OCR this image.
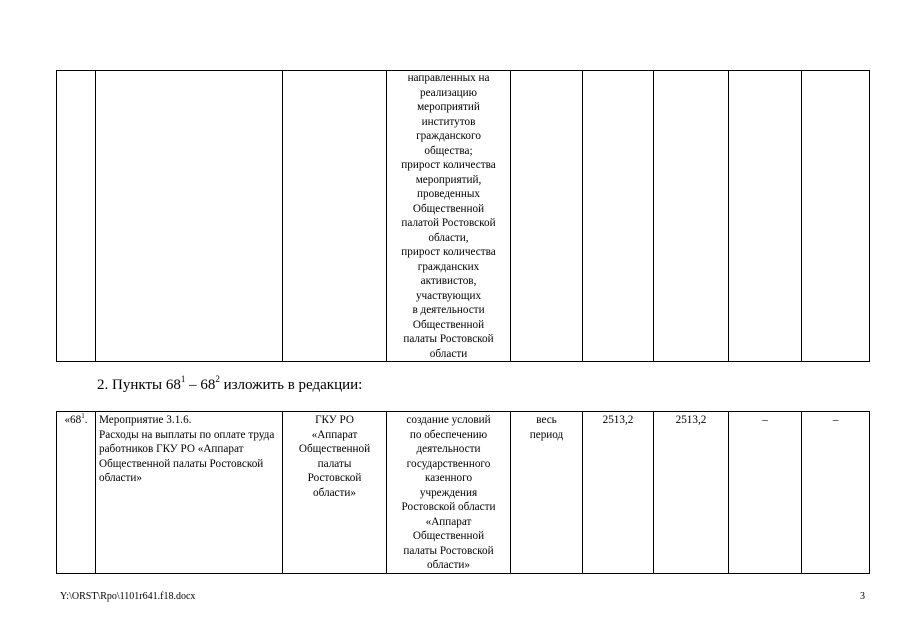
			направленных на
реализацию
мероприятий
институтов
гражданского
общества;
прирост количества
мероприятий,
проведенных
Общественной
палатой Ростовской
области,
прирост количества
гражданских
активистов,
участвующих
в деятельности
Общественной
палаты Ростовской
области					
2. Пункты $68^1 - 68^2$ изложить в редакции:
«$68^1$.	Мероприятие 3.1.6.
Расходы на выплаты по оплате труда работников ГКУ РО «Аппарат Общественной палаты Ростовской области»	ГКУ РО
«Аппарат
Общественной
палаты
Ростовской
области»	создание условий
по обеспечению
деятельности
государственного
казенного
учреждения
Ростовской области
«Аппарат
Общественной
палаты Ростовской
области»	весь
период	2513,2	2513,2	–	–
Y:\ORST\Rpo\1101r641.f18.docx	3
